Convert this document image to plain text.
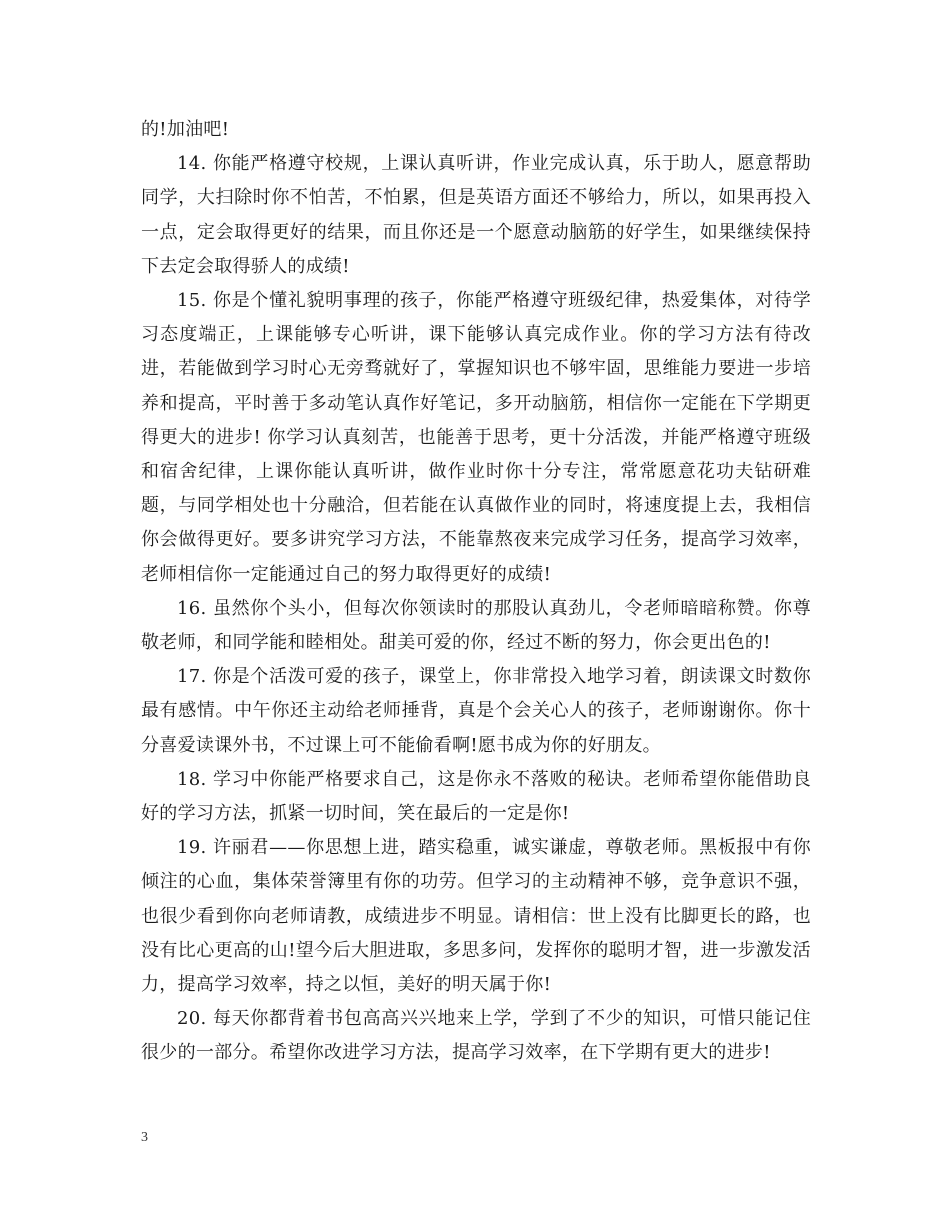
的!加油吧!

14. 你能严格遵守校规，上课认真听讲，作业完成认真，乐于助人，愿意帮助同学，大扫除时你不怕苦，不怕累，但是英语方面还不够给力，所以，如果再投入一点，定会取得更好的结果，而且你还是一个愿意动脑筋的好学生，如果继续保持下去定会取得骄人的成绩!

15. 你是个懂礼貌明事理的孩子，你能严格遵守班级纪律，热爱集体，对待学习态度端正，上课能够专心听讲，课下能够认真完成作业。你的学习方法有待改进，若能做到学习时心无旁骛就好了，掌握知识也不够牢固，思维能力要进一步培养和提高，平时善于多动笔认真作好笔记，多开动脑筋，相信你一定能在下学期更得更大的进步! 你学习认真刻苦，也能善于思考，更十分活泼，并能严格遵守班级和宿舍纪律，上课你能认真听讲，做作业时你十分专注，常常愿意花功夫钻研难题，与同学相处也十分融洽，但若能在认真做作业的同时，将速度提上去，我相信你会做得更好。要多讲究学习方法，不能靠熬夜来完成学习任务，提高学习效率，老师相信你一定能通过自己的努力取得更好的成绩!

16. 虽然你个头小，但每次你领读时的那股认真劲儿，令老师暗暗称赞。你尊敬老师，和同学能和睦相处。甜美可爱的你，经过不断的努力，你会更出色的!

17. 你是个活泼可爱的孩子，课堂上，你非常投入地学习着，朗读课文时数你最有感情。中午你还主动给老师捶背，真是个会关心人的孩子，老师谢谢你。你十分喜爱读课外书，不过课上可不能偷看啊!愿书成为你的好朋友。

18. 学习中你能严格要求自己，这是你永不落败的秘诀。老师希望你能借助良好的学习方法，抓紧一切时间，笑在最后的一定是你!

19. 许丽君——你思想上进，踏实稳重，诚实谦虚，尊敬老师。黑板报中有你倾注的心血，集体荣誉簿里有你的功劳。但学习的主动精神不够，竞争意识不强，也很少看到你向老师请教，成绩进步不明显。请相信：世上没有比脚更长的路，也没有比心更高的山!望今后大胆进取，多思多问，发挥你的聪明才智，进一步激发活力，提高学习效率，持之以恒，美好的明天属于你!

20. 每天你都背着书包高高兴兴地来上学，学到了不少的知识，可惜只能记住很少的一部分。希望你改进学习方法，提高学习效率，在下学期有更大的进步!

3
